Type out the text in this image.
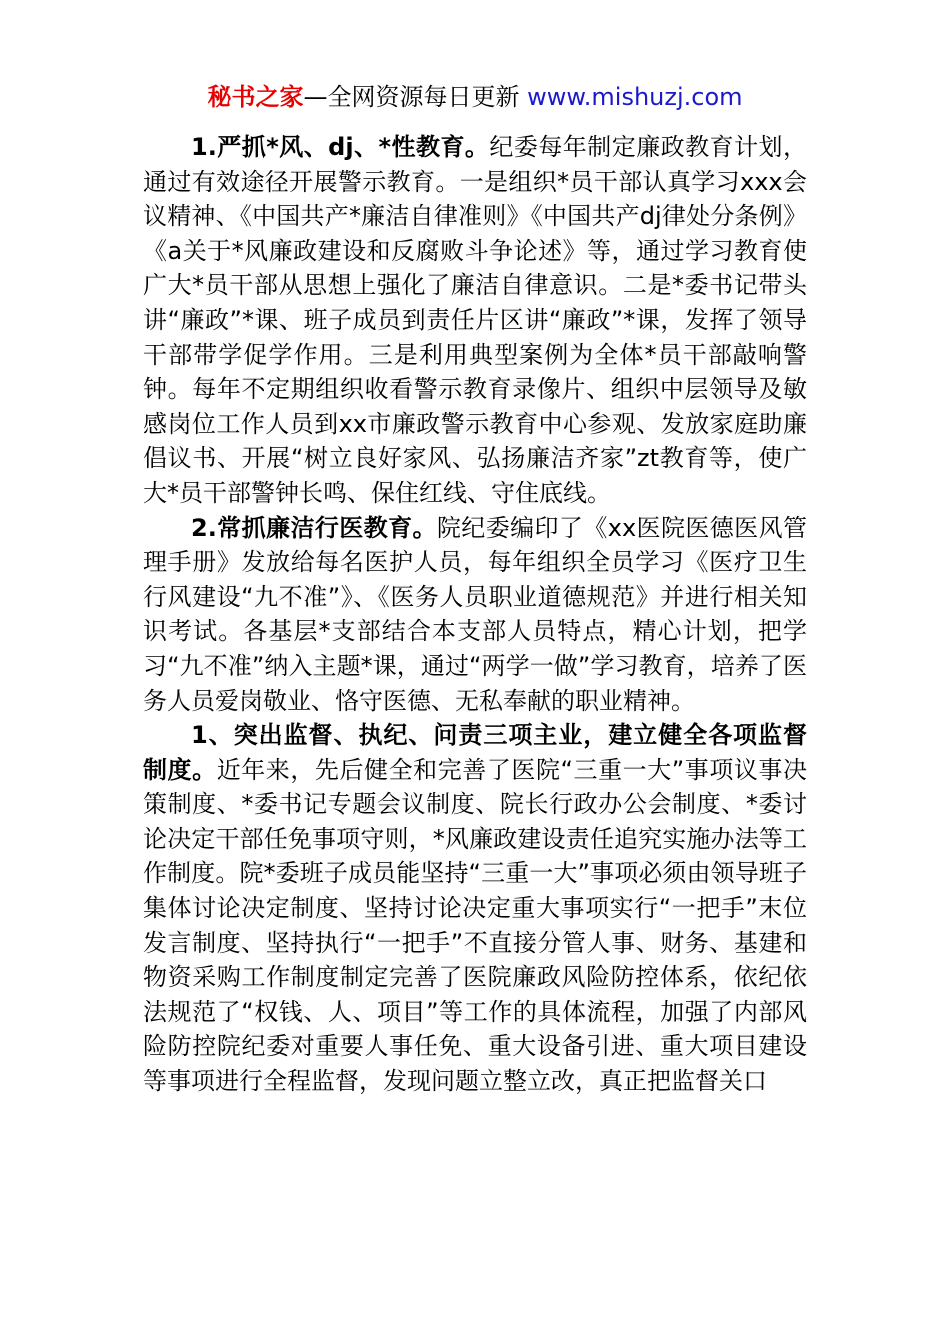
秘书之家—全网资源每日更新 www.mishuzj.com

1.严抓*风、dj、*性教育。纪委每年制定廉政教育计划，通过有效途径开展警示教育。一是组织*员干部认真学习xxx会议精神、《中国共产*廉洁自律准则》《中国共产dj律处分条例》《a关于*风廉政建设和反腐败斗争论述》等，通过学习教育使广大*员干部从思想上强化了廉洁自律意识。二是*委书记带头讲“廉政”*课、班子成员到责任片区讲“廉政”*课，发挥了领导干部带学促学作用。三是利用典型案例为全体*员干部敲响警钟。每年不定期组织收看警示教育录像片、组织中层领导及敏感岗位工作人员到xx市廉政警示教育中心参观、发放家庭助廉倡议书、开展“树立良好家风、弘扬廉洁齐家”zt教育等，使广大*员干部警钟长鸣、保住红线、守住底线。

2.常抓廉洁行医教育。院纪委编印了《xx医院医德医风管理手册》发放给每名医护人员，每年组织全员学习《医疗卫生行风建设“九不准”》、《医务人员职业道德规范》并进行相关知识考试。各基层*支部结合本支部人员特点，精心计划，把学习“九不准”纳入主题*课，通过“两学一做”学习教育，培养了医务人员爱岗敬业、恪守医德、无私奉献的职业精神。

1、突出监督、执纪、问责三项主业，建立健全各项监督制度。近年来，先后健全和完善了医院“三重一大”事项议事决策制度、*委书记专题会议制度、院长行政办公会制度、*委讨论决定干部任免事项守则，*风廉政建设责任追究实施办法等工作制度。院*委班子成员能坚持“三重一大”事项必须由领导班子集体讨论决定制度、坚持讨论决定重大事项实行“一把手”末位发言制度、坚持执行“一把手”不直接分管人事、财务、基建和物资采购工作制度制定完善了医院廉政风险防控体系，依纪依法规范了“权钱、人、项目”等工作的具体流程，加强了内部风险防控院纪委对重要人事任免、重大设备引进、重大项目建设等事项进行全程监督，发现问题立整立改，真正把监督关口
